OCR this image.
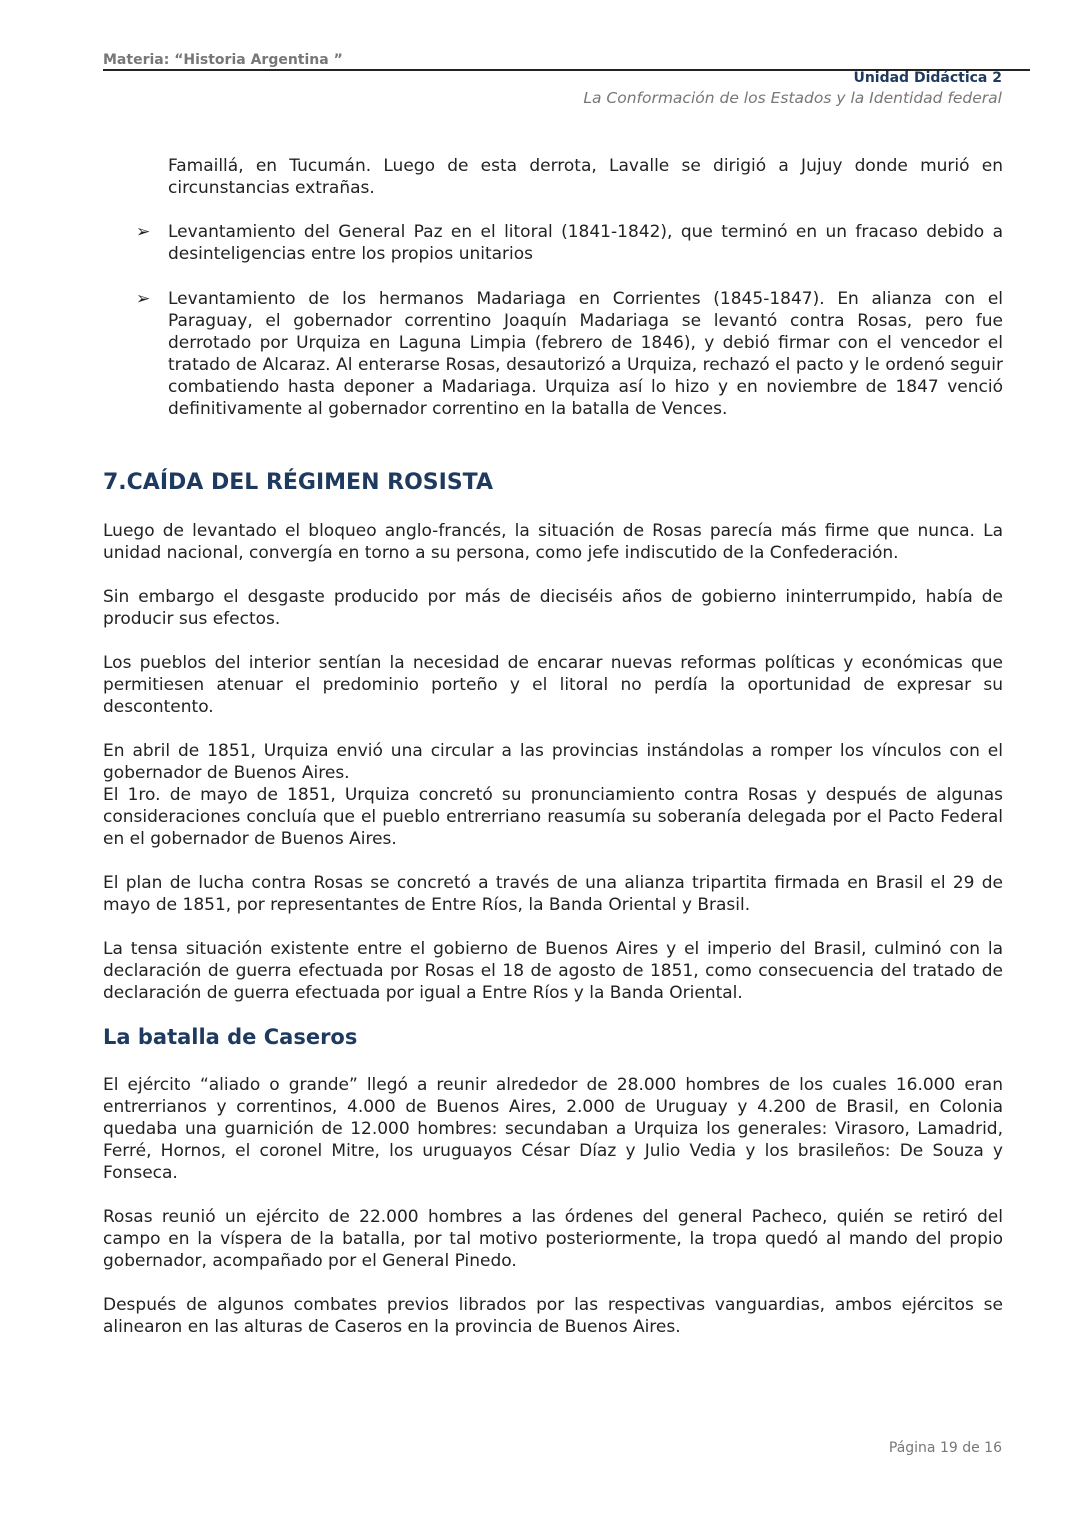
Materia: “Historia Argentina ”
Unidad Didáctica 2
La Conformación de los Estados y la Identidad federal

Famaillá, en Tucumán. Luego de esta derrota, Lavalle se dirigió a Jujuy donde murió en circunstancias extrañas.

➢ Levantamiento del General Paz en el litoral (1841-1842), que terminó en un fracaso debido a desinteligencias entre los propios unitarios
➢ Levantamiento de los hermanos Madariaga en Corrientes (1845-1847). En alianza con el Paraguay, el gobernador correntino Joaquín Madariaga se levantó contra Rosas, pero fue derrotado por Urquiza en Laguna Limpia (febrero de 1846), y debió firmar con el vencedor el tratado de Alcaraz. Al enterarse Rosas, desautorizó a Urquiza, rechazó el pacto y le ordenó seguir combatiendo hasta deponer a Madariaga. Urquiza así lo hizo y en noviembre de 1847 venció definitivamente al gobernador correntino en la batalla de Vences.
7.CAÍDA DEL RÉGIMEN ROSISTA

Luego de levantado el bloqueo anglo-francés, la situación de Rosas parecía más firme que nunca. La unidad nacional, convergía en torno a su persona, como jefe indiscutido de la Confederación.

Sin embargo el desgaste producido por más de dieciséis años de gobierno ininterrumpido, había de producir sus efectos.

Los pueblos del interior sentían la necesidad de encarar nuevas reformas políticas y económicas que permitiesen atenuar el predominio porteño y el litoral no perdía la oportunidad de expresar su descontento.

En abril de 1851, Urquiza envió una circular a las provincias instándolas a romper los vínculos con el gobernador de Buenos Aires.

El 1ro. de mayo de 1851, Urquiza concretó su pronunciamiento contra Rosas y después de algunas consideraciones concluía que el pueblo entrerriano reasumía su soberanía delegada por el Pacto Federal en el gobernador de Buenos Aires.

El plan de lucha contra Rosas se concretó a través de una alianza tripartita firmada en Brasil el 29 de mayo de 1851, por representantes de Entre Ríos, la Banda Oriental y Brasil.

La tensa situación existente entre el gobierno de Buenos Aires y el imperio del Brasil, culminó con la declaración de guerra efectuada por Rosas el 18 de agosto de 1851, como consecuencia del tratado de declaración de guerra efectuada por igual a Entre Ríos y la Banda Oriental.

La batalla de Caseros

El ejército “aliado o grande” llegó a reunir alrededor de 28.000 hombres de los cuales 16.000 eran entrerrianos y correntinos, 4.000 de Buenos Aires, 2.000 de Uruguay y 4.200 de Brasil, en Colonia quedaba una guarnición de 12.000 hombres: secundaban a Urquiza los generales: Virasoro, Lamadrid, Ferré, Hornos, el coronel Mitre, los uruguayos César Díaz y Julio Vedia y los brasileños: De Souza y Fonseca.

Rosas reunió un ejército de 22.000 hombres a las órdenes del general Pacheco, quién se retiró del campo en la víspera de la batalla, por tal motivo posteriormente, la tropa quedó al mando del propio gobernador, acompañado por el General Pinedo.

Después de algunos combates previos librados por las respectivas vanguardias, ambos ejércitos se alinearon en las alturas de Caseros en la provincia de Buenos Aires.

Página 19 de 16
